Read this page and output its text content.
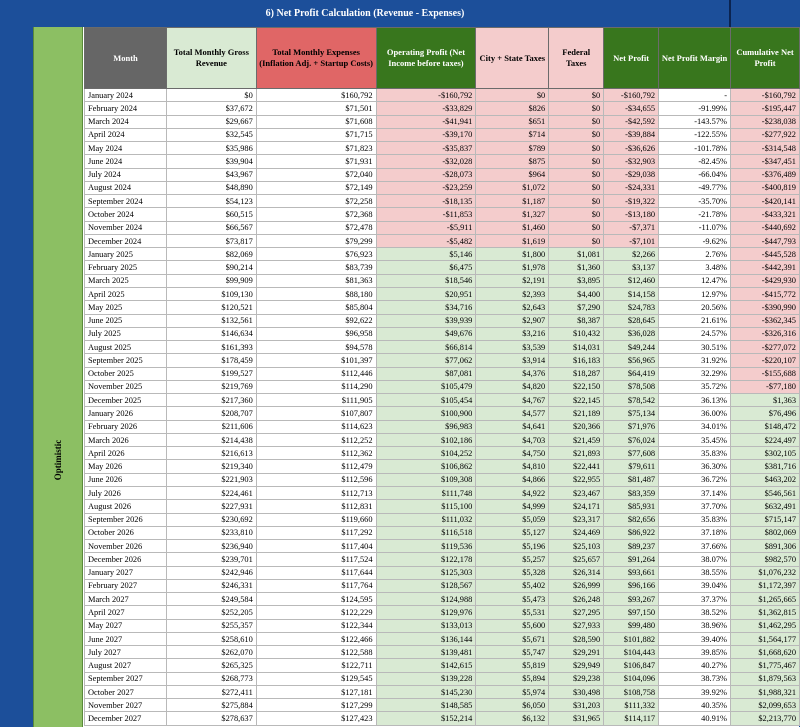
6) Net Profit Calculation (Revenue - Expenses)
Optimistic
Month	Total Monthly Gross Revenue	Total Monthly Expenses (Inflation Adj. + Startup Costs)	Operating Profit (Net Income before taxes)	City + State Taxes	Federal Taxes	Net Profit	Net Profit Margin	Cumulative Net Profit
January 2024	$0	$160,792	-$160,792	$0	$0	-$160,792	-	-$160,792
February 2024	$37,672	$71,501	-$33,829	$826	$0	-$34,655	-91.99%	-$195,447
March 2024	$29,667	$71,608	-$41,941	$651	$0	-$42,592	-143.57%	-$238,038
April 2024	$32,545	$71,715	-$39,170	$714	$0	-$39,884	-122.55%	-$277,922
May 2024	$35,986	$71,823	-$35,837	$789	$0	-$36,626	-101.78%	-$314,548
June 2024	$39,904	$71,931	-$32,028	$875	$0	-$32,903	-82.45%	-$347,451
July 2024	$43,967	$72,040	-$28,073	$964	$0	-$29,038	-66.04%	-$376,489
August 2024	$48,890	$72,149	-$23,259	$1,072	$0	-$24,331	-49.77%	-$400,819
September 2024	$54,123	$72,258	-$18,135	$1,187	$0	-$19,322	-35.70%	-$420,141
October 2024	$60,515	$72,368	-$11,853	$1,327	$0	-$13,180	-21.78%	-$433,321
November 2024	$66,567	$72,478	-$5,911	$1,460	$0	-$7,371	-11.07%	-$440,692
December 2024	$73,817	$79,299	-$5,482	$1,619	$0	-$7,101	-9.62%	-$447,793
January 2025	$82,069	$76,923	$5,146	$1,800	$1,081	$2,266	2.76%	-$445,528
February 2025	$90,214	$83,739	$6,475	$1,978	$1,360	$3,137	3.48%	-$442,391
March 2025	$99,909	$81,363	$18,546	$2,191	$3,895	$12,460	12.47%	-$429,930
April 2025	$109,130	$88,180	$20,951	$2,393	$4,400	$14,158	12.97%	-$415,772
May 2025	$120,521	$85,804	$34,716	$2,643	$7,290	$24,783	20.56%	-$390,990
June 2025	$132,561	$92,622	$39,939	$2,907	$8,387	$28,645	21.61%	-$362,345
July 2025	$146,634	$96,958	$49,676	$3,216	$10,432	$36,028	24.57%	-$326,316
August 2025	$161,393	$94,578	$66,814	$3,539	$14,031	$49,244	30.51%	-$277,072
September 2025	$178,459	$101,397	$77,062	$3,914	$16,183	$56,965	31.92%	-$220,107
October 2025	$199,527	$112,446	$87,081	$4,376	$18,287	$64,419	32.29%	-$155,688
November 2025	$219,769	$114,290	$105,479	$4,820	$22,150	$78,508	35.72%	-$77,180
December 2025	$217,360	$111,905	$105,454	$4,767	$22,145	$78,542	36.13%	$1,363
January 2026	$208,707	$107,807	$100,900	$4,577	$21,189	$75,134	36.00%	$76,496
February 2026	$211,606	$114,623	$96,983	$4,641	$20,366	$71,976	34.01%	$148,472
March 2026	$214,438	$112,252	$102,186	$4,703	$21,459	$76,024	35.45%	$224,497
April 2026	$216,613	$112,362	$104,252	$4,750	$21,893	$77,608	35.83%	$302,105
May 2026	$219,340	$112,479	$106,862	$4,810	$22,441	$79,611	36.30%	$381,716
June 2026	$221,903	$112,596	$109,308	$4,866	$22,955	$81,487	36.72%	$463,202
July 2026	$224,461	$112,713	$111,748	$4,922	$23,467	$83,359	37.14%	$546,561
August 2026	$227,931	$112,831	$115,100	$4,999	$24,171	$85,931	37.70%	$632,491
September 2026	$230,692	$119,660	$111,032	$5,059	$23,317	$82,656	35.83%	$715,147
October 2026	$233,810	$117,292	$116,518	$5,127	$24,469	$86,922	37.18%	$802,069
November 2026	$236,940	$117,404	$119,536	$5,196	$25,103	$89,237	37.66%	$891,306
December 2026	$239,701	$117,524	$122,178	$5,257	$25,657	$91,264	38.07%	$982,570
January 2027	$242,946	$117,644	$125,303	$5,328	$26,314	$93,661	38.55%	$1,076,232
February 2027	$246,331	$117,764	$128,567	$5,402	$26,999	$96,166	39.04%	$1,172,397
March 2027	$249,584	$124,595	$124,988	$5,473	$26,248	$93,267	37.37%	$1,265,665
April 2027	$252,205	$122,229	$129,976	$5,531	$27,295	$97,150	38.52%	$1,362,815
May 2027	$255,357	$122,344	$133,013	$5,600	$27,933	$99,480	38.96%	$1,462,295
June 2027	$258,610	$122,466	$136,144	$5,671	$28,590	$101,882	39.40%	$1,564,177
July 2027	$262,070	$122,588	$139,481	$5,747	$29,291	$104,443	39.85%	$1,668,620
August 2027	$265,325	$122,711	$142,615	$5,819	$29,949	$106,847	40.27%	$1,775,467
September 2027	$268,773	$129,545	$139,228	$5,894	$29,238	$104,096	38.73%	$1,879,563
October 2027	$272,411	$127,181	$145,230	$5,974	$30,498	$108,758	39.92%	$1,988,321
November 2027	$275,884	$127,299	$148,585	$6,050	$31,203	$111,332	40.35%	$2,099,653
December 2027	$278,637	$127,423	$152,214	$6,132	$31,965	$114,117	40.91%	$2,213,770
